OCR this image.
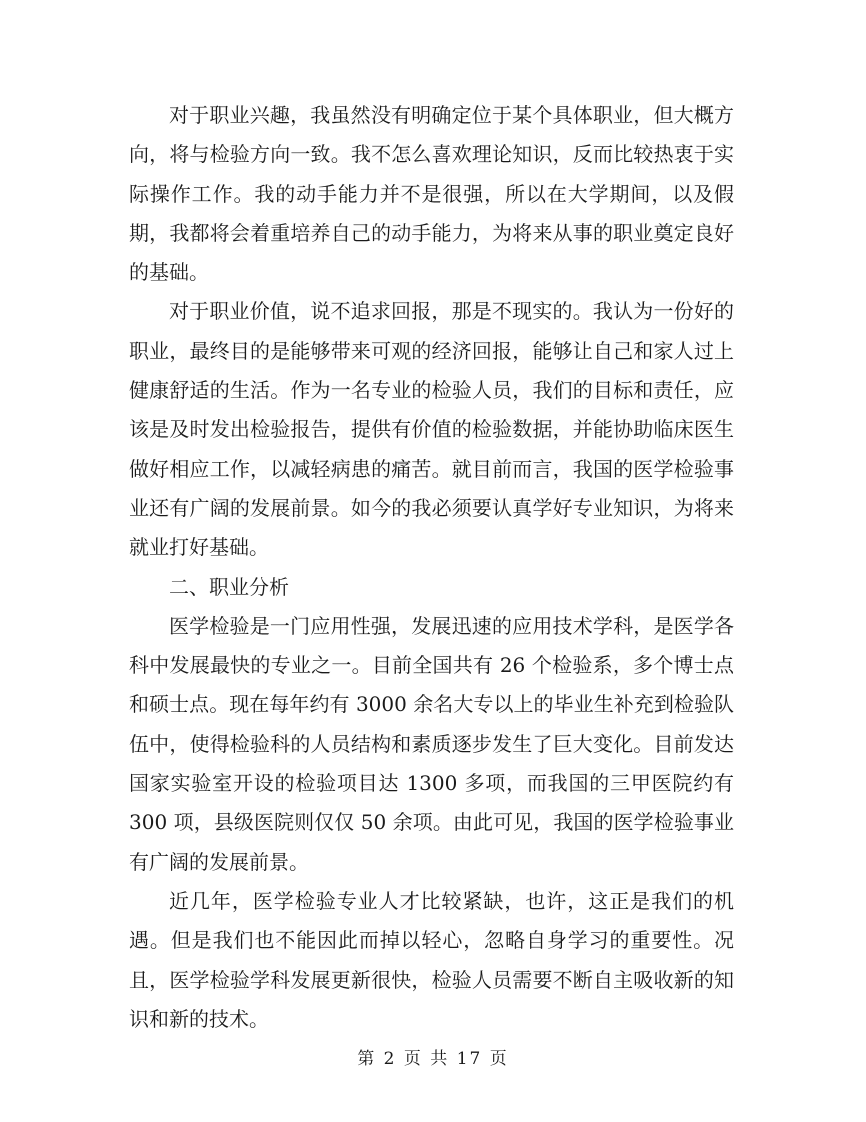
对于职业兴趣，我虽然没有明确定位于某个具体职业，但大概方向，将与检验方向一致。我不怎么喜欢理论知识，反而比较热衷于实际操作工作。我的动手能力并不是很强，所以在大学期间，以及假期，我都将会着重培养自己的动手能力，为将来从事的职业奠定良好的基础。

对于职业价值，说不追求回报，那是不现实的。我认为一份好的职业，最终目的是能够带来可观的经济回报，能够让自己和家人过上健康舒适的生活。作为一名专业的检验人员，我们的目标和责任，应该是及时发出检验报告，提供有价值的检验数据，并能协助临床医生做好相应工作，以减轻病患的痛苦。就目前而言，我国的医学检验事业还有广阔的发展前景。如今的我必须要认真学好专业知识，为将来就业打好基础。

二、职业分析

医学检验是一门应用性强，发展迅速的应用技术学科，是医学各科中发展最快的专业之一。目前全国共有 26 个检验系，多个博士点和硕士点。现在每年约有 3000 余名大专以上的毕业生补充到检验队伍中，使得检验科的人员结构和素质逐步发生了巨大变化。目前发达国家实验室开设的检验项目达 1300 多项，而我国的三甲医院约有 300 项，县级医院则仅仅 50 余项。由此可见，我国的医学检验事业有广阔的发展前景。

近几年，医学检验专业人才比较紧缺，也许，这正是我们的机遇。但是我们也不能因此而掉以轻心，忽略自身学习的重要性。况且，医学检验学科发展更新很快，检验人员需要不断自主吸收新的知识和新的技术。

第 2 页 共 17 页
